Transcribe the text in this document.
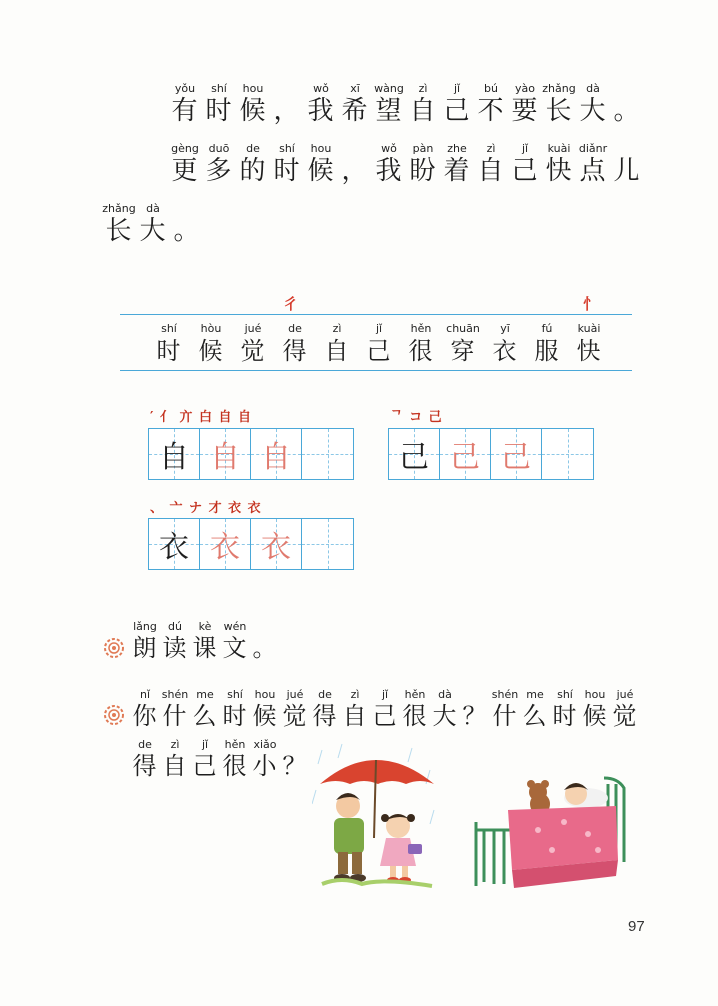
yǒu
有
shí
时
hou
候 ，
wǒ
我
xī
希
wàng
望
zì
自
jǐ
己
bú
不
yào
要
zhǎng
长
dà
大 。
gèng
更
duō
多
de
的
shí
时
hou
候 ，
wǒ
我
pàn
盼
zhe
着
zì
自
jǐ
己
kuài
快
diǎnr
点 儿
zhǎng
长
dà
大 。
彳	忄
shí
时
hòu
候
jué
觉
de
得
zì
自
jǐ
己
hěn
很
chuān
穿
yī
衣
fú
服
kuài
快
′ 亻 亣 白 自 自
自 自 自
ᄀ コ 己
己 己 己
、 亠 ナ 才 衣 衣
衣 衣 衣
lǎng
朗
dú
读
kè
课
wén
文 。
nǐ
你
shén
什
me
么
shí
时
hou
候
jué
觉
de
得
zì
自
jǐ
己
hěn
很
dà
大 ？
shén
什
me
么
shí
时
hou
候
jué
觉
de
得
zì
自
jǐ
己
hěn
很
xiǎo
小 ？
97
